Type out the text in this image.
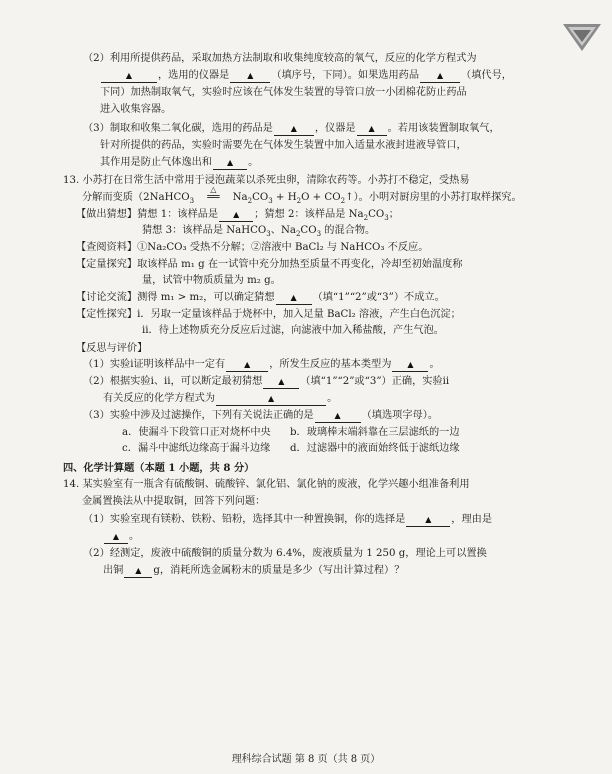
（2）利用所提供药品，采取加热方法制取和收集纯度较高的氧气，反应的化学方程式为
▲	，选用的仪器是 ▲ （填序号，下同）。如果选用药品 ▲ （填代号，
下同）加热制取氧气，实验时应该在气体发生装置的导管口放一小团棉花防止药品
进入收集容器。
（3）制取和收集二氧化碳，选用的药品是 ▲ ，仪器是 ▲ 。若用该装置制取氧气，
针对所提供的药品，实验时需要先在气体发生装置中加入适量水液封进液导管口，
其作用是防止气体逸出和 ▲ 。
13. 小苏打在日常生活中常用于浸泡蔬菜以杀死虫卵，清除农药等。小苏打不稳定，受热易
分解而变质（2NaHCO$_3$
△
══ $Na_2CO_3 + H_2O$ + $CO_2↑$）。小明对厨房里的小苏打取样探究。
【做出猜想】猜想 1：该样品是 ▲ ；猜想 2：该样品是 $Na_2CO_3$；
猜想 3：该样品是 NaHCO$_3$、$Na_2CO_3$ 的混合物。
【查阅资料】①Na₂CO₃ 受热不分解；②溶液中 BaCl₂ 与 NaHCO₃ 不反应。
【定量探究】取该样品 m₁ g 在一试管中充分加热至质量不再变化，冷却至初始温度称
量，试管中物质质量为 m₂ g。
【讨论交流】测得 m₁ > m₂，可以确定猜想 ▲ （填“1”“2”或“3”）不成立。
【定性探究】ⅰ．另取一定量该样品于烧杯中，加入足量 BaCl₂ 溶液，产生白色沉淀；
ⅱ．待上述物质充分反应后过滤，向滤液中加入稀盐酸，产生气泡。
【反思与评价】
（1）实验ⅰ证明该样品中一定有 ▲ ，所发生反应的基本类型为 ▲ 。
（2）根据实验ⅰ、ⅱ，可以断定最初猜想 ▲ （填“1”“2”或“3”）正确，实验ⅱ
有关反应的化学方程式为	▲	。
（3）实验中涉及过滤操作，下列有关说法正确的是	▲ （填选项字母）。
a．使漏斗下段管口正对烧杯中央 b．玻璃棒末端斜靠在三层滤纸的一边
c．漏斗中滤纸边缘高于漏斗边缘 d．过滤器中的液面始终低于滤纸边缘
四、化学计算题（本题 1 小题，共 8 分）
14. 某实验室有一瓶含有硫酸铜、硫酸锌、氯化铝、氯化钠的废液，化学兴趣小组准备利用
金属置换法从中提取铜，回答下列问题：
（1）实验室现有镁粉、铁粉、铅粉，选择其中一种置换铜，你的选择是 ▲ ，理由是
▲ 。
（2）经测定，废液中硫酸铜的质量分数为 6.4%，废液质量为 1 250 g，理论上可以置换
出铜 ▲ g，消耗所选金属粉末的质量是多少（写出计算过程）？
理科综合试题 第 8 页（共 8 页）
